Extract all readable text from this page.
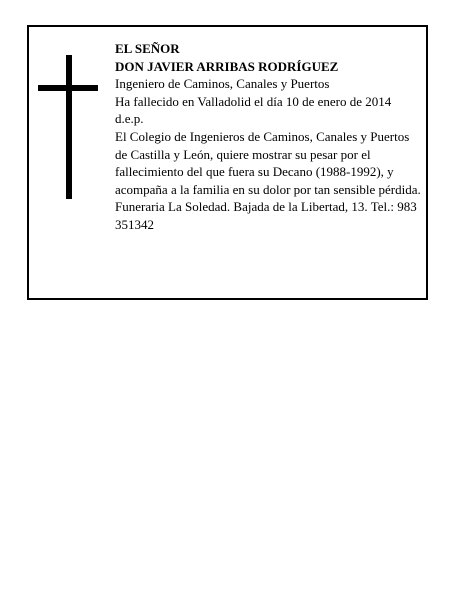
EL SEÑOR

DON JAVIER ARRIBAS RODRÍGUEZ

Ingeniero de Caminos, Canales y Puertos

Ha fallecido en Valladolid el día 10 de enero de 2014

d.e.p.

El Colegio de Ingenieros de Caminos, Canales y Puertos de Castilla y León, quiere mostrar su pesar por el fallecimiento del que fuera su Decano (1988-1992), y acompaña a la familia en su dolor por tan sensible pérdida.

Funeraria La Soledad. Bajada de la Libertad, 13. Tel.: 983 351342
